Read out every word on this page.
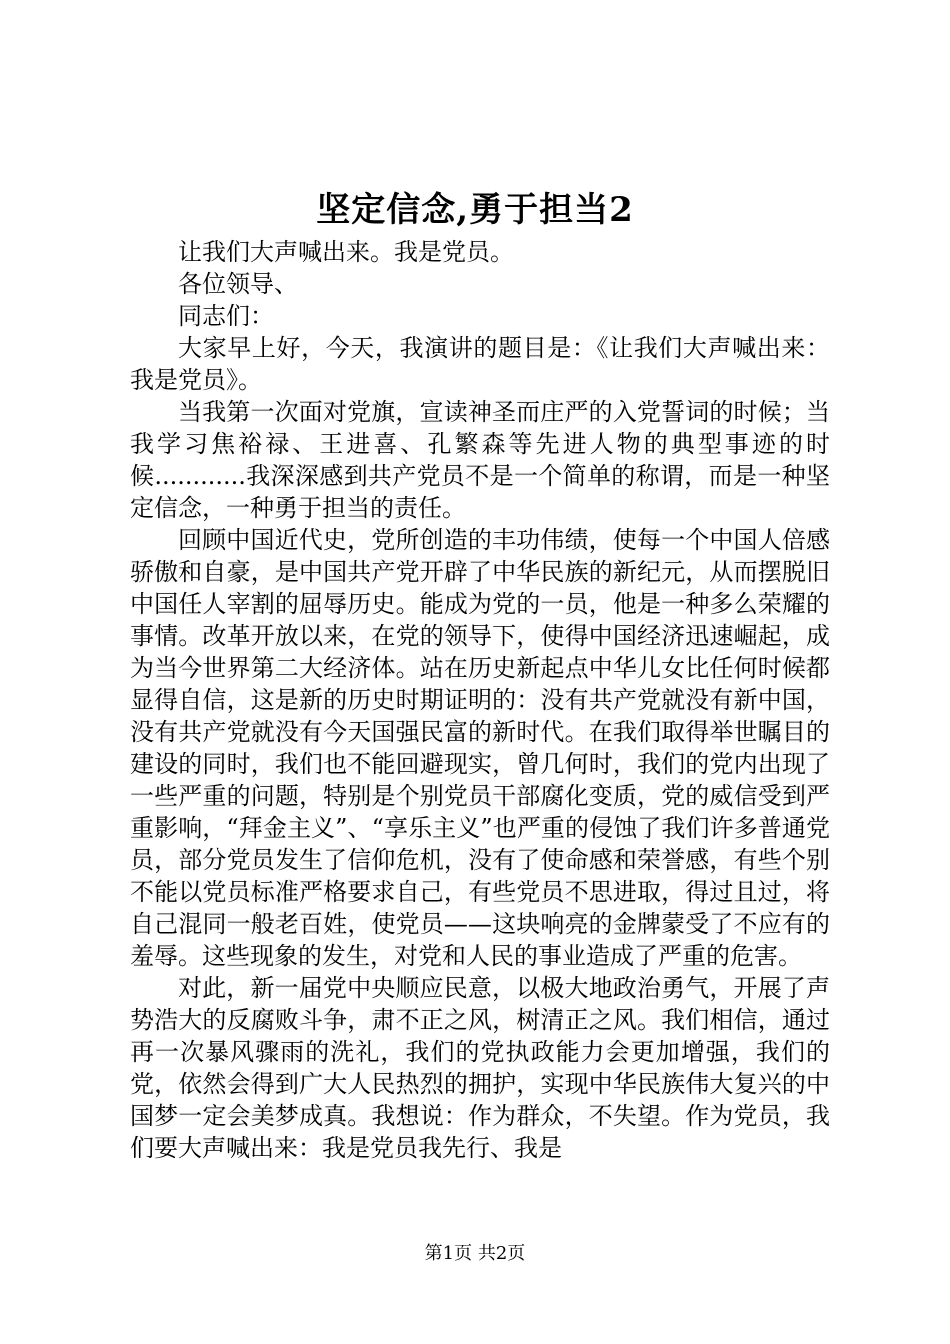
坚定信念,勇于担当2

让我们大声喊出来。我是党员。

各位领导、

同志们：

大家早上好，今天，我演讲的题目是：《让我们大声喊出来：我是党员》。

当我第一次面对党旗，宣读神圣而庄严的入党誓词的时候；当我学习焦裕禄、王进喜、孔繁森等先进人物的典型事迹的时候............我深深感到共产党员不是一个简单的称谓，而是一种坚定信念，一种勇于担当的责任。

回顾中国近代史，党所创造的丰功伟绩，使每一个中国人倍感骄傲和自豪，是中国共产党开辟了中华民族的新纪元，从而摆脱旧中国任人宰割的屈辱历史。能成为党的一员，他是一种多么荣耀的事情。改革开放以来，在党的领导下，使得中国经济迅速崛起，成为当今世界第二大经济体。站在历史新起点中华儿女比任何时候都显得自信，这是新的历史时期证明的：没有共产党就没有新中国，没有共产党就没有今天国强民富的新时代。在我们取得举世瞩目的建设的同时，我们也不能回避现实，曾几何时，我们的党内出现了一些严重的问题，特别是个别党员干部腐化变质，党的威信受到严重影响，“拜金主义”、“享乐主义”也严重的侵蚀了我们许多普通党员，部分党员发生了信仰危机，没有了使命感和荣誉感，有些个别不能以党员标准严格要求自己，有些党员不思进取，得过且过，将自己混同一般老百姓，使党员——这块响亮的金牌蒙受了不应有的羞辱。这些现象的发生，对党和人民的事业造成了严重的危害。

对此，新一届党中央顺应民意，以极大地政治勇气，开展了声势浩大的反腐败斗争，肃不正之风，树清正之风。我们相信，通过再一次暴风骤雨的洗礼，我们的党执政能力会更加增强，我们的党，依然会得到广大人民热烈的拥护，实现中华民族伟大复兴的中国梦一定会美梦成真。我想说：作为群众，不失望。作为党员，我们要大声喊出来：我是党员我先行、我是

第1页 共2页
